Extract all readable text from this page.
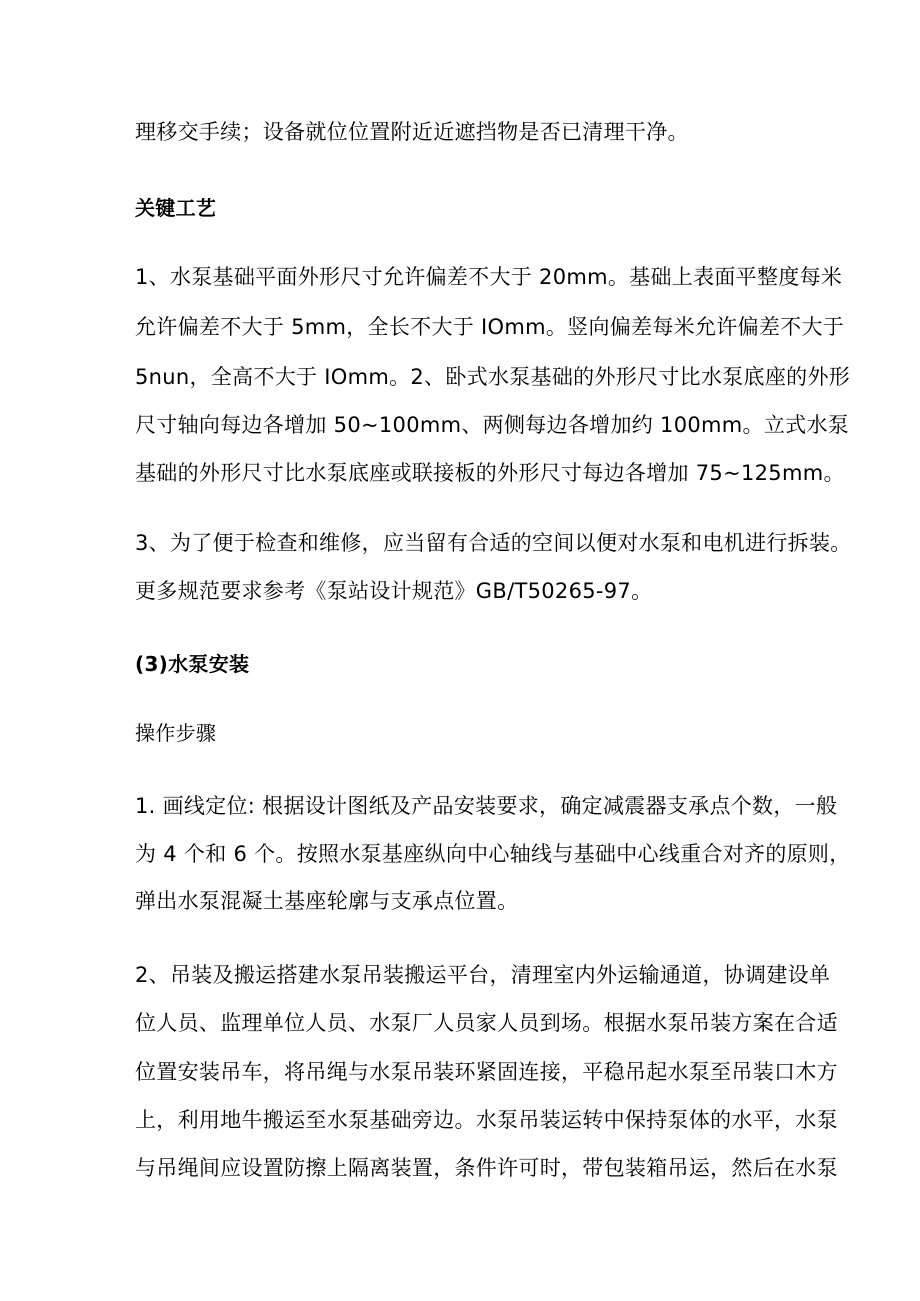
理移交手续；设备就位位置附近近遮挡物是否已清理干净。
关键工艺
1、水泵基础平面外形尺寸允许偏差不大于 20mm。基础上表面平整度每米
允许偏差不大于 5mm，全长不大于 IOmm。竖向偏差每米允许偏差不大于
5nun，全高不大于 IOmm。2、卧式水泵基础的外形尺寸比水泵底座的外形
尺寸轴向每边各增加 50~100mm、两侧每边各增加约 100mm。立式水泵
基础的外形尺寸比水泵底座或联接板的外形尺寸每边各增加 75~125mm。
3、为了便于检查和维修，应当留有合适的空间以便对水泵和电机进行拆装。
更多规范要求参考《泵站设计规范》GB/T50265-97。
(3)水泵安装
操作步骤
1. 画线定位: 根据设计图纸及产品安装要求，确定减震器支承点个数，一般
为 4 个和 6 个。按照水泵基座纵向中心轴线与基础中心线重合对齐的原则，
弹出水泵混凝土基座轮廓与支承点位置。
2、吊装及搬运搭建水泵吊装搬运平台，清理室内外运输通道，协调建设单
位人员、监理单位人员、水泵厂人员家人员到场。根据水泵吊装方案在合适
位置安装吊车，将吊绳与水泵吊装环紧固连接，平稳吊起水泵至吊装口木方
上，利用地牛搬运至水泵基础旁边。水泵吊装运转中保持泵体的水平，水泵
与吊绳间应设置防擦上隔离装置，条件许可时，带包装箱吊运，然后在水泵
